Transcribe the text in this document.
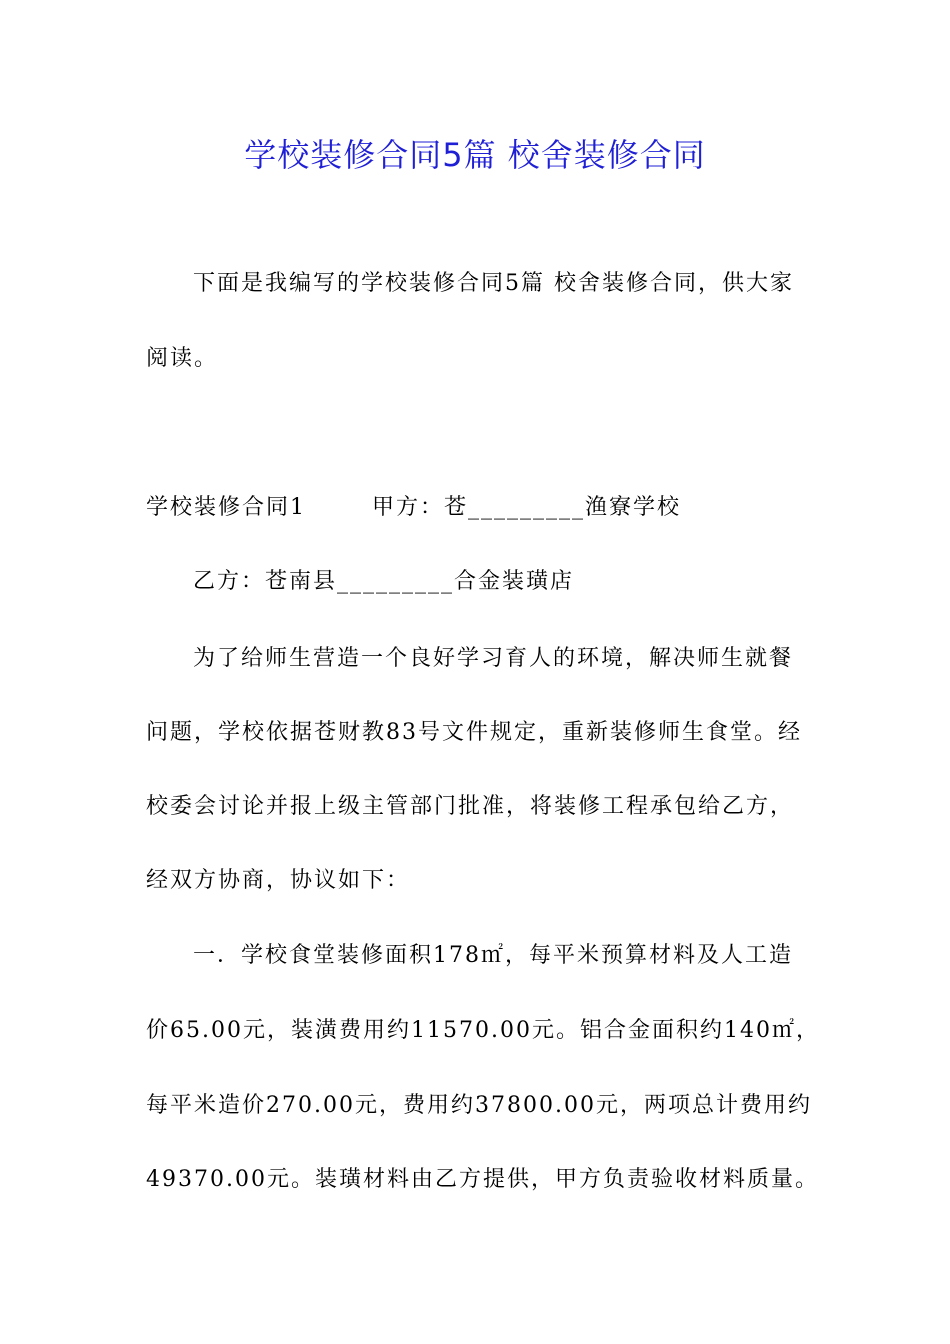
学校装修合同5篇 校舍装修合同
下面是我编写的学校装修合同5篇 校舍装修合同，供大家
阅读。
学校装修合同1	甲方：苍_________渔寮学校
乙方：苍南县_________合金装璜店
为了给师生营造一个良好学习育人的环境，解决师生就餐
问题，学校依据苍财教83号文件规定，重新装修师生食堂。经
校委会讨论并报上级主管部门批准，将装修工程承包给乙方，
经双方协商，协议如下：
一．学校食堂装修面积178㎡，每平米预算材料及人工造
价65.00元，装潢费用约11570.00元。铝合金面积约140㎡，
每平米造价270.00元，费用约37800.00元，两项总计费用约
49370.00元。装璜材料由乙方提供，甲方负责验收材料质量。
